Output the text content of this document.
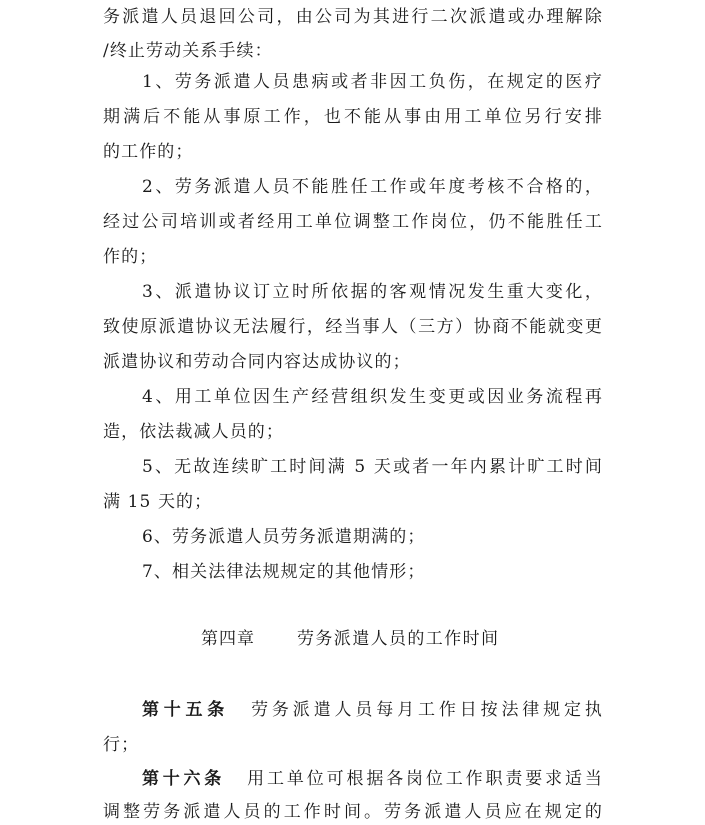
务派遣人员退回公司，由公司为其进行二次派遣或办理解除
/终止劳动关系手续：
1、劳务派遣人员患病或者非因工负伤，在规定的医疗
期满后不能从事原工作，也不能从事由用工单位另行安排
的工作的；
2、劳务派遣人员不能胜任工作或年度考核不合格的，
经过公司培训或者经用工单位调整工作岗位，仍不能胜任工
作的；
3、派遣协议订立时所依据的客观情况发生重大变化，
致使原派遣协议无法履行，经当事人（三方）协商不能就变更
派遣协议和劳动合同内容达成协议的；
4、用工单位因生产经营组织发生变更或因业务流程再
造，依法裁减人员的；
5、无故连续旷工时间满 5 天或者一年内累计旷工时间
满 15 天的；
6、劳务派遣人员劳务派遣期满的；
7、相关法律法规规定的其他情形；
第四章 劳务派遣人员的工作时间
第十五条 劳务派遣人员每月工作日按法律规定执
行；
第十六条 用工单位可根据各岗位工作职责要求适当
调整劳务派遣人员的工作时间。劳务派遣人员应在规定的
